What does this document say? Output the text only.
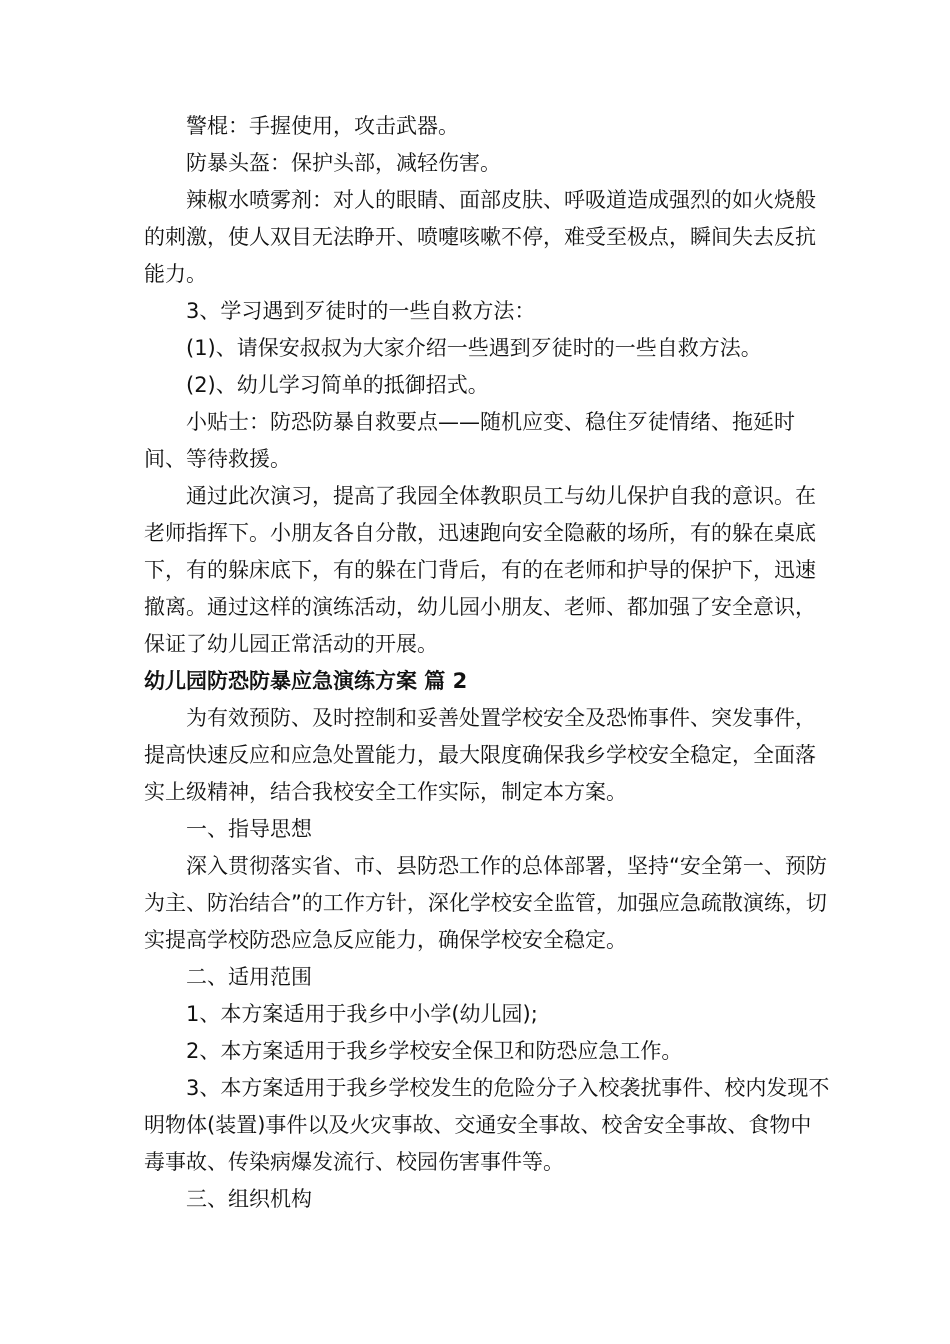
警棍：手握使用，攻击武器。

防暴头盔：保护头部，减轻伤害。

辣椒水喷雾剂：对人的眼睛、面部皮肤、呼吸道造成强烈的如火烧般的刺激，使人双目无法睁开、喷嚏咳嗽不停，难受至极点，瞬间失去反抗能力。

3、学习遇到歹徒时的一些自救方法：

(1)、请保安叔叔为大家介绍一些遇到歹徒时的一些自救方法。

(2)、幼儿学习简单的抵御招式。

小贴士：防恐防暴自救要点——随机应变、稳住歹徒情绪、拖延时间、等待救援。

通过此次演习，提高了我园全体教职员工与幼儿保护自我的意识。在老师指挥下。小朋友各自分散，迅速跑向安全隐蔽的场所，有的躲在桌底下，有的躲床底下，有的躲在门背后，有的在老师和护导的保护下，迅速撤离。通过这样的演练活动，幼儿园小朋友、老师、都加强了安全意识，保证了幼儿园正常活动的开展。

幼儿园防恐防暴应急演练方案 篇 2

为有效预防、及时控制和妥善处置学校安全及恐怖事件、突发事件，提高快速反应和应急处置能力，最大限度确保我乡学校安全稳定，全面落实上级精神，结合我校安全工作实际，制定本方案。

一、指导思想

深入贯彻落实省、市、县防恐工作的总体部署，坚持“安全第一、预防为主、防治结合”的工作方针，深化学校安全监管，加强应急疏散演练，切实提高学校防恐应急反应能力，确保学校安全稳定。

二、适用范围

1、本方案适用于我乡中小学(幼儿园);

2、本方案适用于我乡学校安全保卫和防恐应急工作。

3、本方案适用于我乡学校发生的危险分子入校袭扰事件、校内发现不明物体(装置)事件以及火灾事故、交通安全事故、校舍安全事故、食物中毒事故、传染病爆发流行、校园伤害事件等。

三、组织机构
